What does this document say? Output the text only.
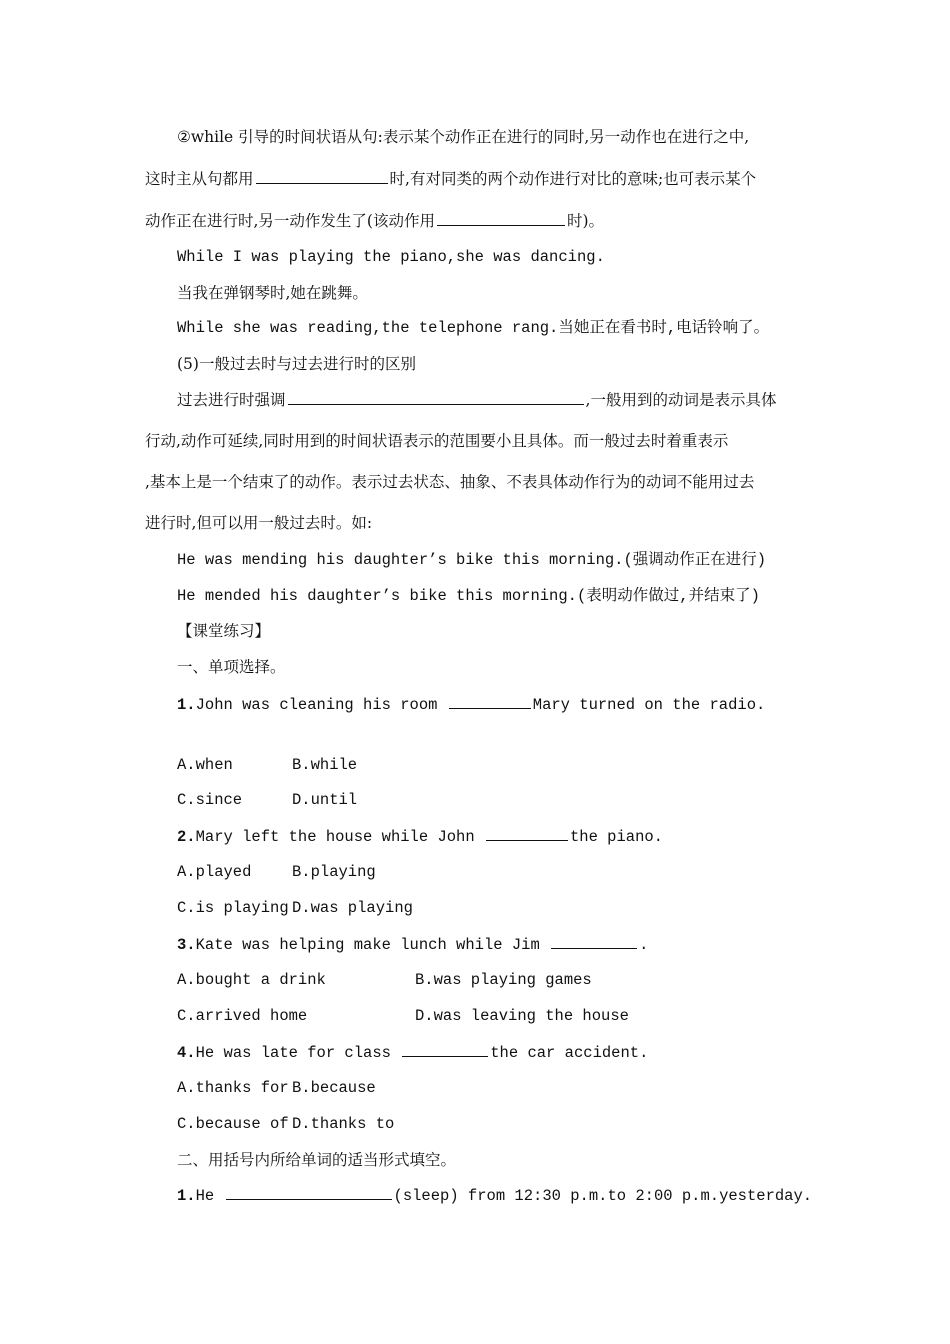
②while 引导的时间状语从句:表示某个动作正在进行的同时,另一动作也在进行之中,
这时主从句都用	时,有对同类的两个动作进行对比的意味;也可表示某个
动作正在进行时,另一动作发生了(该动作用	时)。
While I was playing the piano,she was dancing.
当我在弹钢琴时,她在跳舞。
While she was reading,the telephone rang.当她正在看书时,电话铃响了。
(5)一般过去时与过去进行时的区别
过去进行时强调	,一般用到的动词是表示具体
行动,动作可延续,同时用到的时间状语表示的范围要小且具体。而一般过去时着重表示
,基本上是一个结束了的动作。表示过去状态、抽象、不表具体动作行为的动词不能用过去
进行时,但可以用一般过去时。如:
He was mending his daughter’s bike this morning.(强调动作正在进行)
He mended his daughter’s bike this morning.(表明动作做过,并结束了)
【课堂练习】
一、单项选择。
1.John was cleaning his room	Mary turned on the radio.
A.when	B.while
C.since	D.until
2.Mary left the house while John	the piano.
A.played	B.playing
C.is playing D.was playing
3.Kate was helping make lunch while Jim	.
A.bought a drink	B.was playing games
C.arrived home	D.was leaving the house
4.He was late for class	the car accident.
A.thanks for B.because
C.because of D.thanks to
二、用括号内所给单词的适当形式填空。
1.He	(sleep) from 12:30 p.m.to 2:00 p.m.yesterday.
